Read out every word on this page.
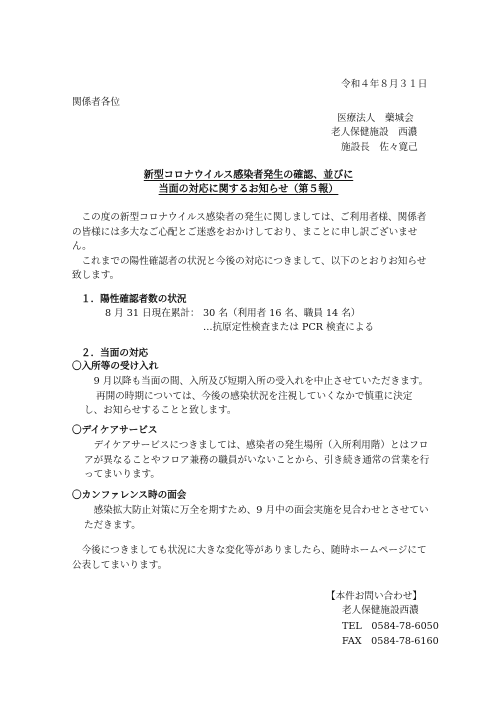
令和４年８月３１日
関係者各位
医療法人　藥城会
老人保健施設　西濃
施設長　佐々寛己
新型コロナウイルス感染者発生の確認、並びに
当面の対応に関するお知らせ（第５報）

この度の新型コロナウイルス感染者の発生に関しましては、ご利用者様、関係者の皆様には多大なご心配とご迷惑をおかけしており、まことに申し訳ございません。

これまでの陽性確認者の状況と今後の対応につきまして、以下のとおりお知らせ致します。

１．陽性確認者数の状況
8 月 31 日現在累計： 30 名（利用者 16 名、職員 14 名）
…抗原定性検査または PCR 検査による
２．当面の対応
〇入所等の受け入れ

9 月以降も当面の間、入所及び短期入所の受入れを中止させていただきます。

再開の時期については、今後の感染状況を注視していくなかで慎重に決定し、お知らせすることと致します。

〇デイケアサービス

デイケアサービスにつきましては、感染者の発生場所（入所利用階）とはフロアが異なることやフロア兼務の職員がいないことから、引き続き通常の営業を行ってまいります。

〇カンファレンス時の面会

感染拡大防止対策に万全を期すため、9 月中の面会実施を見合わせとさせていただきます。

今後につきましても状況に大きな変化等がありましたら、随時ホームページにて公表してまいります。

【本件お問い合わせ】
老人保健施設西濃
TEL　0584-78-6050
FAX　0584-78-6160
